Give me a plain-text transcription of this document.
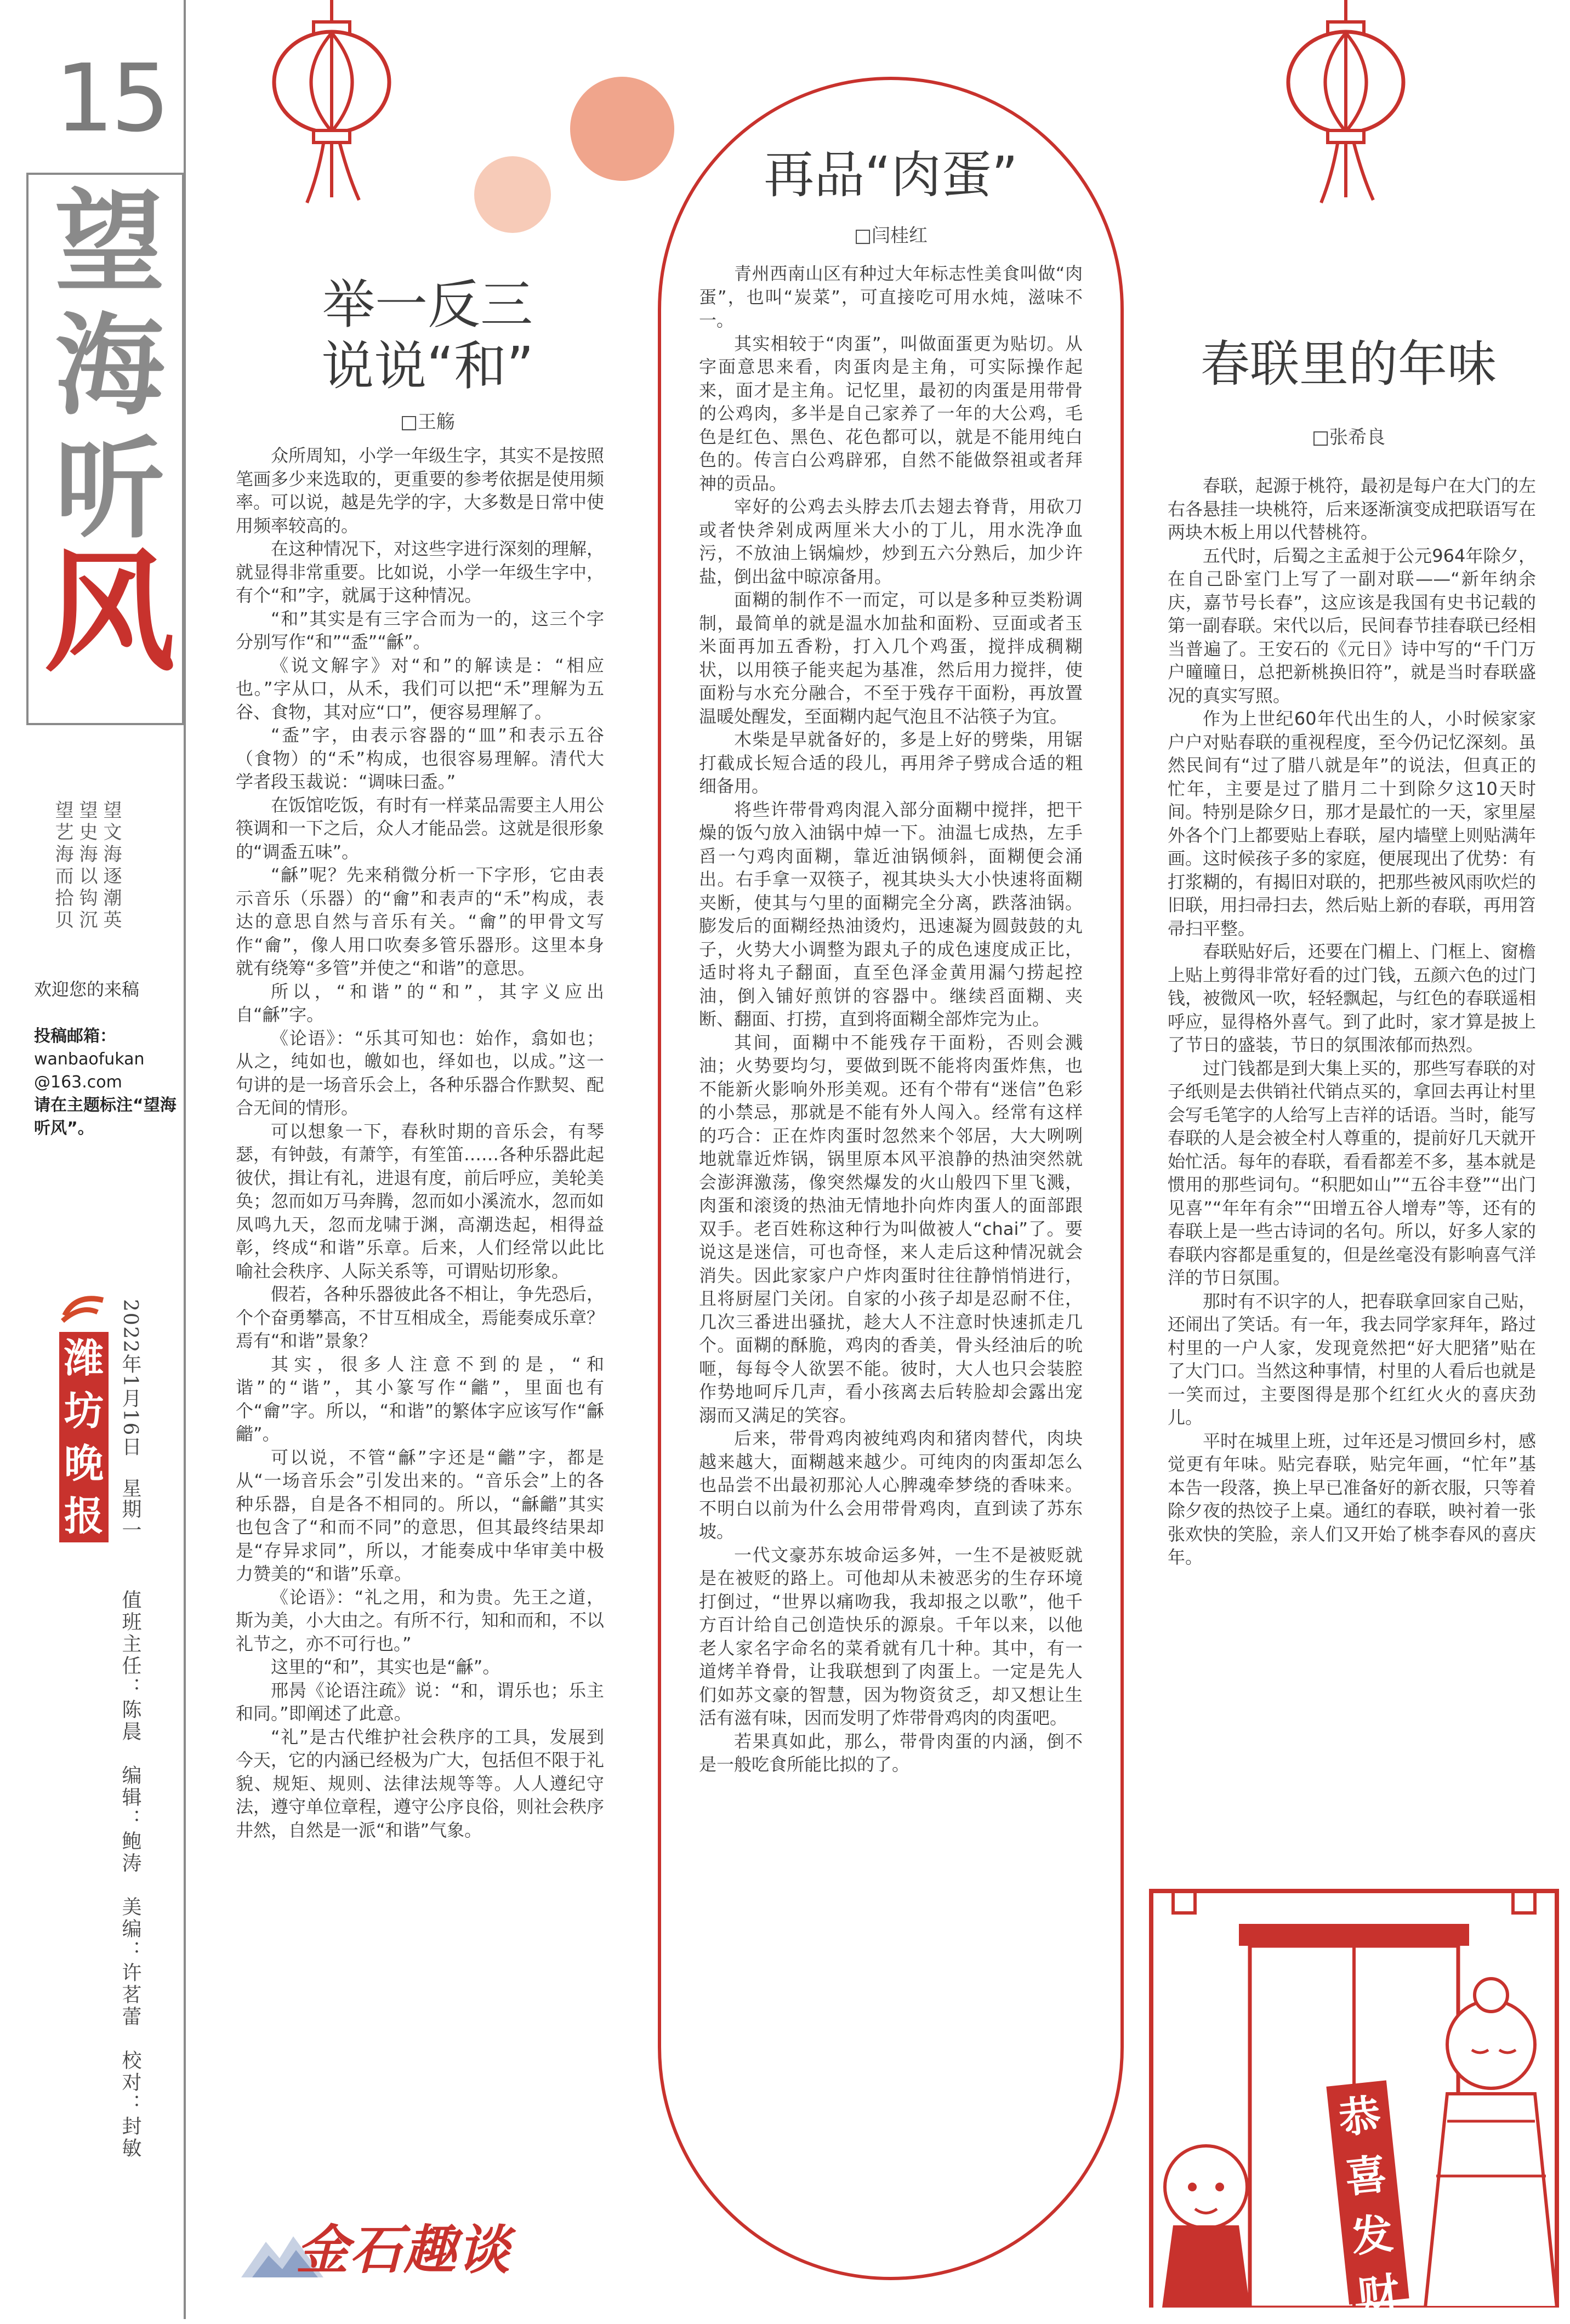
15
望
海
听
风
望文海逐潮英
望史海以钩沉
望艺海而拾贝
欢迎您的来稿
投稿邮箱：
wanbaofukan
@163.com
请在主题标注“望海听风”。
潍坊晚报 2022年1月16日　星期一
值班主任：陈晨　编辑：鲍涛　美编：许茗蕾　校对：封敏
举一反三
说说“和”
□王觞

众所周知，小学一年级生字，其实不是按照笔画多少来选取的，更重要的参考依据是使用频率。可以说，越是先学的字，大多数是日常中使用频率较高的。

在这种情况下，对这些字进行深刻的理解，就显得非常重要。比如说，小学一年级生字中，有个“和”字，就属于这种情况。

“和”其实是有三字合而为一的，这三个字分别写作“和”“盉”“龢”。

《说文解字》对“和”的解读是：“相应也。”字从口，从禾，我们可以把“禾”理解为五谷、食物，其对应“口”，便容易理解了。

“盉”字，由表示容器的“皿”和表示五谷（食物）的“禾”构成，也很容易理解。清代大学者段玉裁说：“调味曰盉。”

在饭馆吃饭，有时有一样菜品需要主人用公筷调和一下之后，众人才能品尝。这就是很形象的“调盉五味”。

“龢”呢？先来稍微分析一下字形，它由表示音乐（乐器）的“龠”和表声的“禾”构成，表达的意思自然与音乐有关。“龠”的甲骨文写作“龠”，像人用口吹奏多管乐器形。这里本身就有绕筹“多管”并使之“和谐”的意思。

所以，“和谐”的“和”，其字义应出自“龢”字。

《论语》：“乐其可知也：始作，翕如也；从之，纯如也，皦如也，绎如也，以成。”这一句讲的是一场音乐会上，各种乐器合作默契、配合无间的情形。

可以想象一下，春秋时期的音乐会，有琴瑟，有钟鼓，有萧竽，有笙笛……各种乐器此起彼伏，揖让有礼，进退有度，前后呼应，美轮美奂；忽而如万马奔腾，忽而如小溪流水，忽而如凤鸣九天，忽而龙啸于渊，高潮迭起，相得益彰，终成“和谐”乐章。后来，人们经常以此比喻社会秩序、人际关系等，可谓贴切形象。

假若，各种乐器彼此各不相让，争先恐后，个个奋勇攀高，不甘互相成全，焉能奏成乐章？焉有“和谐”景象？

其实，很多人注意不到的是，“和谐”的“谐”，其小篆写作“龤”，里面也有个“龠”字。所以，“和谐”的繁体字应该写作“龢龤”。

可以说，不管“龢”字还是“龤”字，都是从“一场音乐会”引发出来的。“音乐会”上的各种乐器，自是各不相同的。所以，“龢龤”其实也包含了“和而不同”的意思，但其最终结果却是“存异求同”，所以，才能奏成中华审美中极力赞美的“和谐”乐章。

《论语》：“礼之用，和为贵。先王之道，斯为美，小大由之。有所不行，知和而和，不以礼节之，亦不可行也。”

这里的“和”，其实也是“龢”。

邢昺《论语注疏》说：“和，谓乐也；乐主和同。”即阐述了此意。

“礼”是古代维护社会秩序的工具，发展到今天，它的内涵已经极为广大，包括但不限于礼貌、规矩、规则、法律法规等等。人人遵纪守法，遵守单位章程，遵守公序良俗，则社会秩序井然，自然是一派“和谐”气象。

再品“肉蛋”
□闫桂红

青州西南山区有种过大年标志性美食叫做“肉蛋”，也叫“炭菜”，可直接吃可用水炖，滋味不一。

其实相较于“肉蛋”，叫做面蛋更为贴切。从字面意思来看，肉蛋肉是主角，可实际操作起来，面才是主角。记忆里，最初的肉蛋是用带骨的公鸡肉，多半是自己家养了一年的大公鸡，毛色是红色、黑色、花色都可以，就是不能用纯白色的。传言白公鸡辟邪，自然不能做祭祖或者拜神的贡品。

宰好的公鸡去头脖去爪去翅去脊背，用砍刀或者快斧剁成两厘米大小的丁儿，用水洗净血污，不放油上锅煸炒，炒到五六分熟后，加少许盐，倒出盆中晾凉备用。

面糊的制作不一而定，可以是多种豆类粉调制，最简单的就是温水加盐和面粉、豆面或者玉米面再加五香粉，打入几个鸡蛋，搅拌成稠糊状，以用筷子能夹起为基准，然后用力搅拌，使面粉与水充分融合，不至于残存干面粉，再放置温暖处醒发，至面糊内起气泡且不沾筷子为宜。

木柴是早就备好的，多是上好的劈柴，用锯打截成长短合适的段儿，再用斧子劈成合适的粗细备用。

将些许带骨鸡肉混入部分面糊中搅拌，把干燥的饭勺放入油锅中焯一下。油温七成热，左手舀一勺鸡肉面糊，靠近油锅倾斜，面糊便会涌出。右手拿一双筷子，视其块头大小快速将面糊夹断，使其与勺里的面糊完全分离，跌落油锅。膨发后的面糊经热油烫灼，迅速凝为圆鼓鼓的丸子，火势大小调整为跟丸子的成色速度成正比，适时将丸子翻面，直至色泽金黄用漏勺捞起控油，倒入铺好煎饼的容器中。继续舀面糊、夹断、翻面、打捞，直到将面糊全部炸完为止。

其间，面糊中不能残存干面粉，否则会溅油；火势要均匀，要做到既不能将肉蛋炸焦，也不能新火影响外形美观。还有个带有“迷信”色彩的小禁忌，那就是不能有外人闯入。经常有这样的巧合：正在炸肉蛋时忽然来个邻居，大大咧咧地就靠近炸锅，锅里原本风平浪静的热油突然就会澎湃激荡，像突然爆发的火山般四下里飞溅，肉蛋和滚烫的热油无情地扑向炸肉蛋人的面部跟双手。老百姓称这种行为叫做被人“chai”了。要说这是迷信，可也奇怪，来人走后这种情况就会消失。因此家家户户炸肉蛋时往往静悄悄进行，且将厨屋门关闭。自家的小孩子却是忍耐不住，几次三番进出骚扰，趁大人不注意时快速抓走几个。面糊的酥脆，鸡肉的香美，骨头经油后的吮咂，每每令人欲罢不能。彼时，大人也只会装腔作势地呵斥几声，看小孩离去后转脸却会露出宠溺而又满足的笑容。

后来，带骨鸡肉被纯鸡肉和猪肉替代，肉块越来越大，面糊越来越少。可纯肉的肉蛋却怎么也品尝不出最初那沁人心脾魂牵梦绕的香味来。不明白以前为什么会用带骨鸡肉，直到读了苏东坡。

一代文豪苏东坡命运多舛，一生不是被贬就是在被贬的路上。可他却从未被恶劣的生存环境打倒过，“世界以痛吻我，我却报之以歌”，他千方百计给自己创造快乐的源泉。千年以来，以他老人家名字命名的菜肴就有几十种。其中，有一道烤羊脊骨，让我联想到了肉蛋上。一定是先人们如苏文豪的智慧，因为物资贫乏，却又想让生活有滋有味，因而发明了炸带骨鸡肉的肉蛋吧。

若果真如此，那么，带骨肉蛋的内涵，倒不是一般吃食所能比拟的了。

春联里的年味
□张希良

春联，起源于桃符，最初是每户在大门的左右各悬挂一块桃符，后来逐渐演变成把联语写在两块木板上用以代替桃符。

五代时，后蜀之主孟昶于公元964年除夕，在自己卧室门上写了一副对联——“新年纳余庆，嘉节号长春”，这应该是我国有史书记载的第一副春联。宋代以后，民间春节挂春联已经相当普遍了。王安石的《元日》诗中写的“千门万户曈曈日，总把新桃换旧符”，就是当时春联盛况的真实写照。

作为上世纪60年代出生的人，小时候家家户户对贴春联的重视程度，至今仍记忆深刻。虽然民间有“过了腊八就是年”的说法，但真正的忙年，主要是过了腊月二十到除夕这10天时间。特别是除夕日，那才是最忙的一天，家里屋外各个门上都要贴上春联，屋内墙壁上则贴满年画。这时候孩子多的家庭，便展现出了优势：有打浆糊的，有揭旧对联的，把那些被风雨吹烂的旧联，用扫帚扫去，然后贴上新的春联，再用笤帚扫平整。

春联贴好后，还要在门楣上、门框上、窗檐上贴上剪得非常好看的过门钱，五颜六色的过门钱，被微风一吹，轻轻飘起，与红色的春联遥相呼应，显得格外喜气。到了此时，家才算是披上了节日的盛装，节日的氛围浓郁而热烈。

过门钱都是到大集上买的，那些写春联的对子纸则是去供销社代销点买的，拿回去再让村里会写毛笔字的人给写上吉祥的话语。当时，能写春联的人是会被全村人尊重的，提前好几天就开始忙活。每年的春联，看看都差不多，基本就是惯用的那些词句。“积肥如山”“五谷丰登”“出门见喜”“年年有余”“田增五谷人增寿”等，还有的春联上是一些古诗词的名句。所以，好多人家的春联内容都是重复的，但是丝毫没有影响喜气洋洋的节日氛围。

那时有不识字的人，把春联拿回家自己贴，还闹出了笑话。有一年，我去同学家拜年，路过村里的一户人家，发现竟然把“好大肥猪”贴在了大门口。当然这种事情，村里的人看后也就是一笑而过，主要图得是那个红红火火的喜庆劲儿。

平时在城里上班，过年还是习惯回乡村，感觉更有年味。贴完春联，贴完年画，“忙年”基本告一段落，换上早已准备好的新衣服，只等着除夕夜的热饺子上桌。通红的春联，映衬着一张张欢快的笑脸，亲人们又开始了桃李春风的喜庆年。

恭
喜
发
财
金石趣谈
